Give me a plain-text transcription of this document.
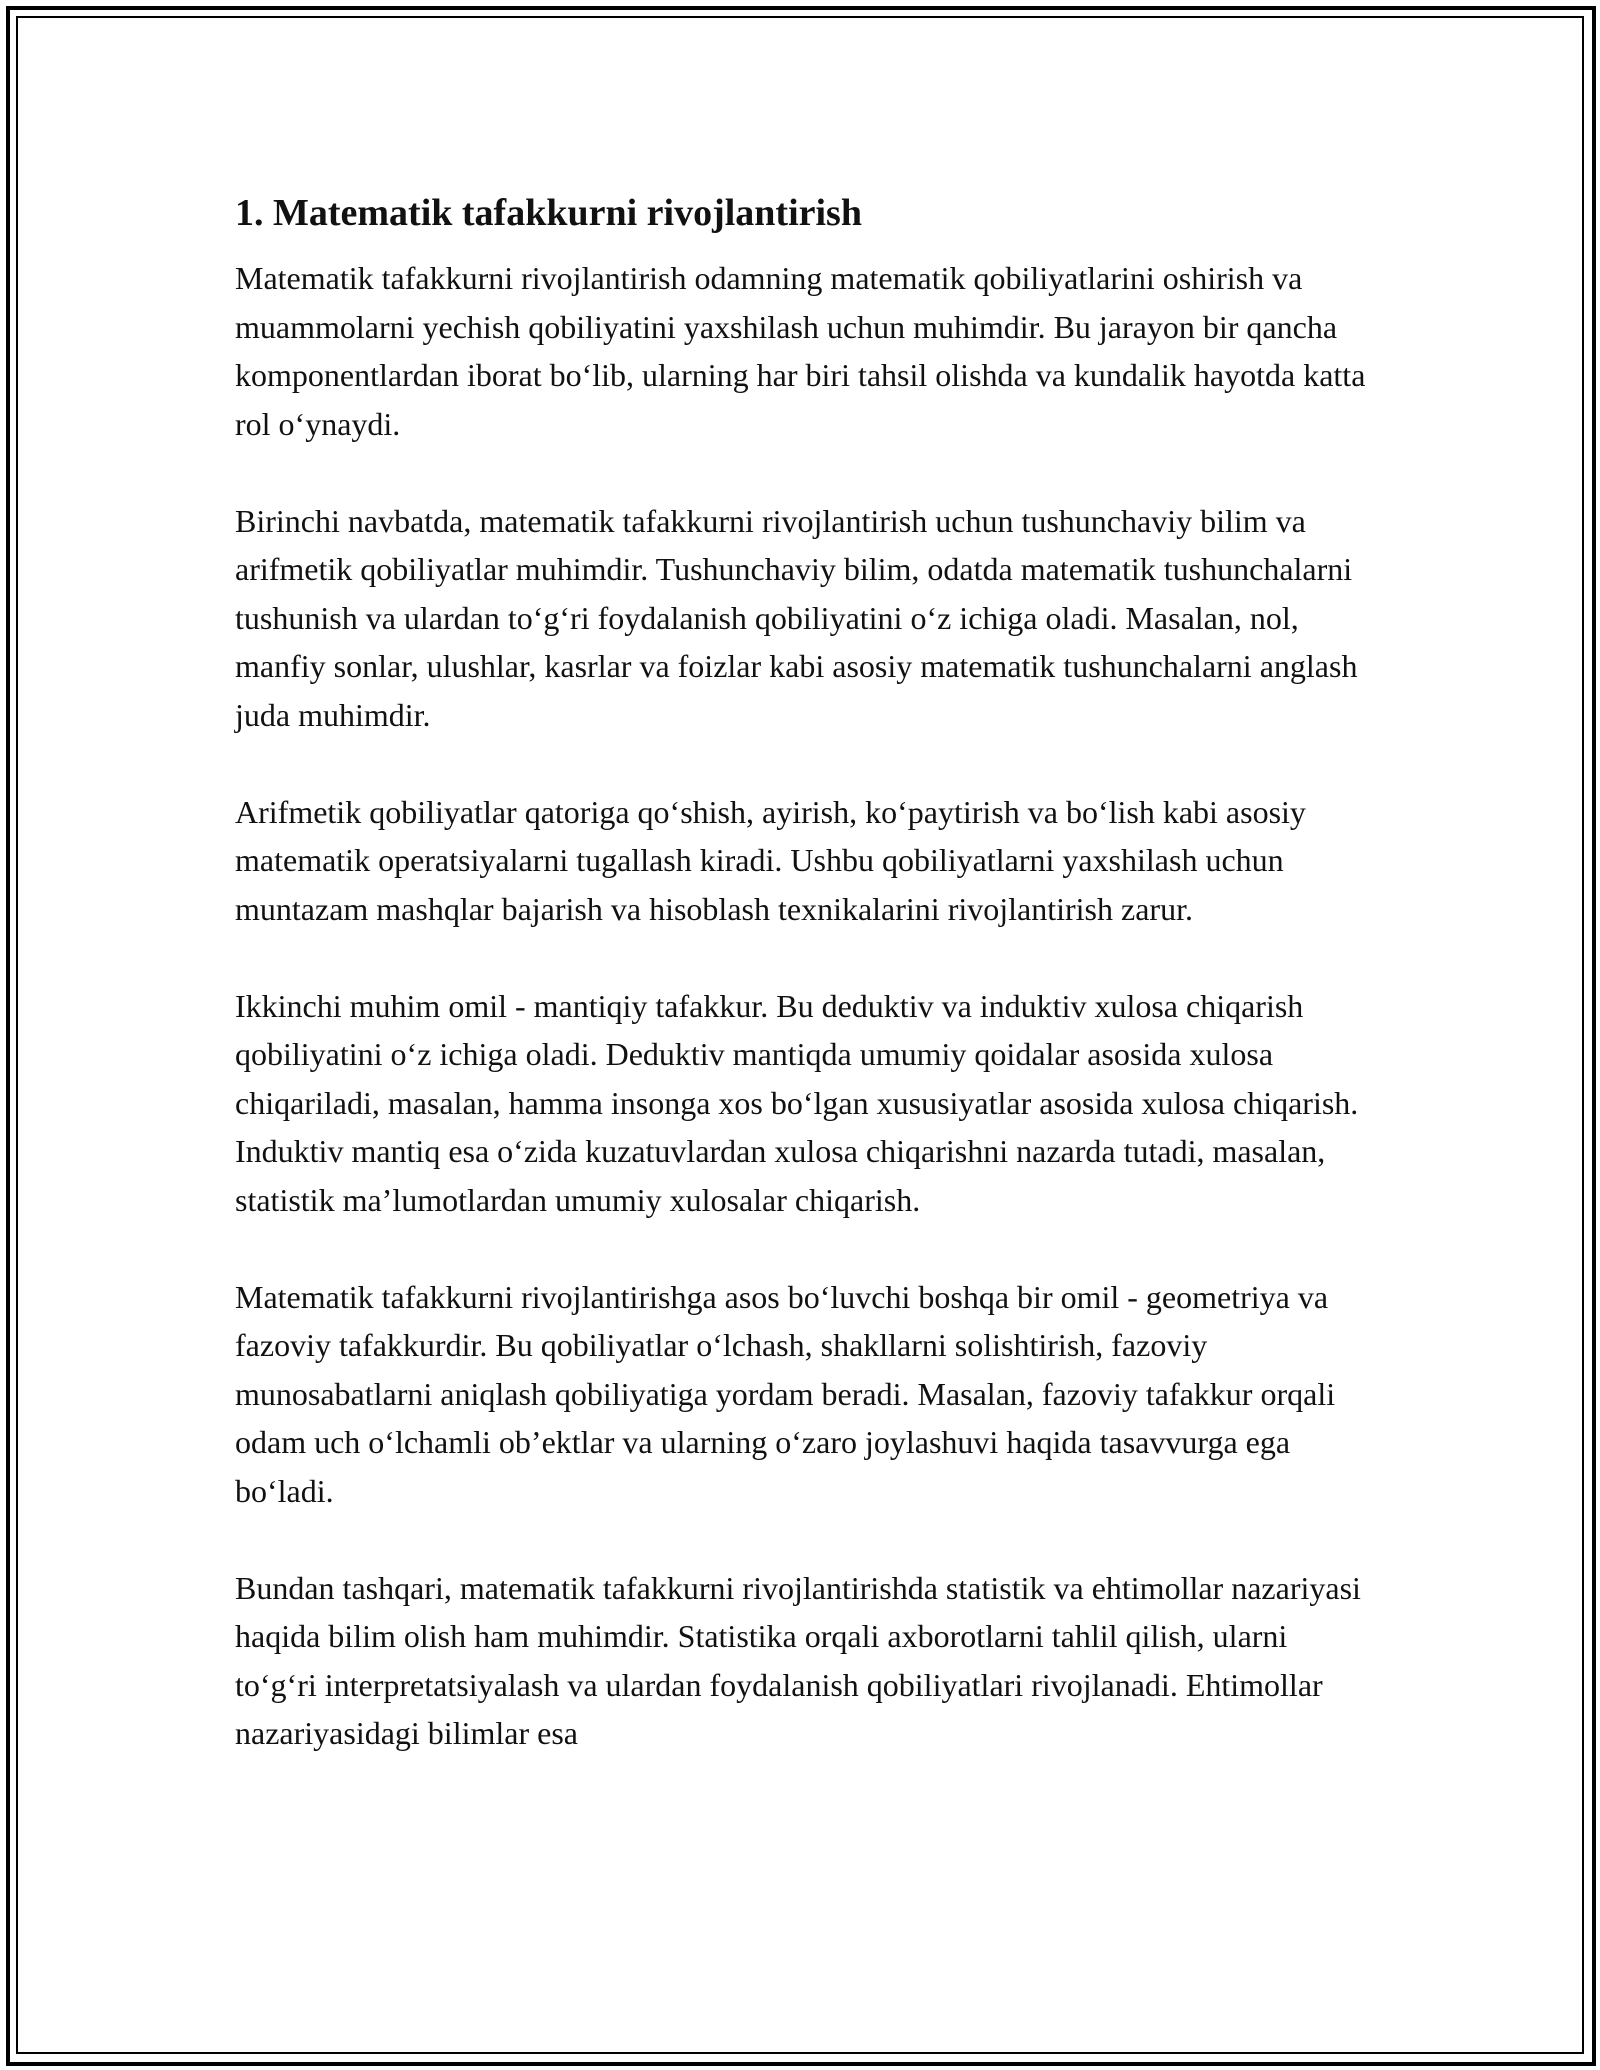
1. Matematik tafakkurni rivojlantirish

Matematik tafakkurni rivojlantirish odamning matematik qobiliyatlarini oshirish va muammolarni yechish qobiliyatini yaxshilash uchun muhimdir. Bu jarayon bir qancha komponentlardan iborat bo‘lib, ularning har biri tahsil olishda va kundalik hayotda katta rol o‘ynaydi.

Birinchi navbatda, matematik tafakkurni rivojlantirish uchun tushunchaviy bilim va arifmetik qobiliyatlar muhimdir. Tushunchaviy bilim, odatda matematik tushunchalarni tushunish va ulardan to‘g‘ri foydalanish qobiliyatini o‘z ichiga oladi. Masalan, nol, manfiy sonlar, ulushlar, kasrlar va foizlar kabi asosiy matematik tushunchalarni anglash juda muhimdir.

Arifmetik qobiliyatlar qatoriga qo‘shish, ayirish, ko‘paytirish va bo‘lish kabi asosiy matematik operatsiyalarni tugallash kiradi. Ushbu qobiliyatlarni yaxshilash uchun muntazam mashqlar bajarish va hisoblash texnikalarini rivojlantirish zarur.

Ikkinchi muhim omil - mantiqiy tafakkur. Bu deduktiv va induktiv xulosa chiqarish qobiliyatini o‘z ichiga oladi. Deduktiv mantiqda umumiy qoidalar asosida xulosa chiqariladi, masalan, hamma insonga xos bo‘lgan xususiyatlar asosida xulosa chiqarish. Induktiv mantiq esa o‘zida kuzatuvlardan xulosa chiqarishni nazarda tutadi, masalan, statistik ma’lumotlardan umumiy xulosalar chiqarish.

Matematik tafakkurni rivojlantirishga asos bo‘luvchi boshqa bir omil - geometriya va fazoviy tafakkurdir. Bu qobiliyatlar o‘lchash, shakllarni solishtirish, fazoviy munosabatlarni aniqlash qobiliyatiga yordam beradi. Masalan, fazoviy tafakkur orqali odam uch o‘lchamli ob’ektlar va ularning o‘zaro joylashuvi haqida tasavvurga ega bo‘ladi.

Bundan tashqari, matematik tafakkurni rivojlantirishda statistik va ehtimollar nazariyasi haqida bilim olish ham muhimdir. Statistika orqali axborotlarni tahlil qilish, ularni to‘g‘ri interpretatsiyalash va ulardan foydalanish qobiliyatlari rivojlanadi. Ehtimollar nazariyasidagi bilimlar esa
